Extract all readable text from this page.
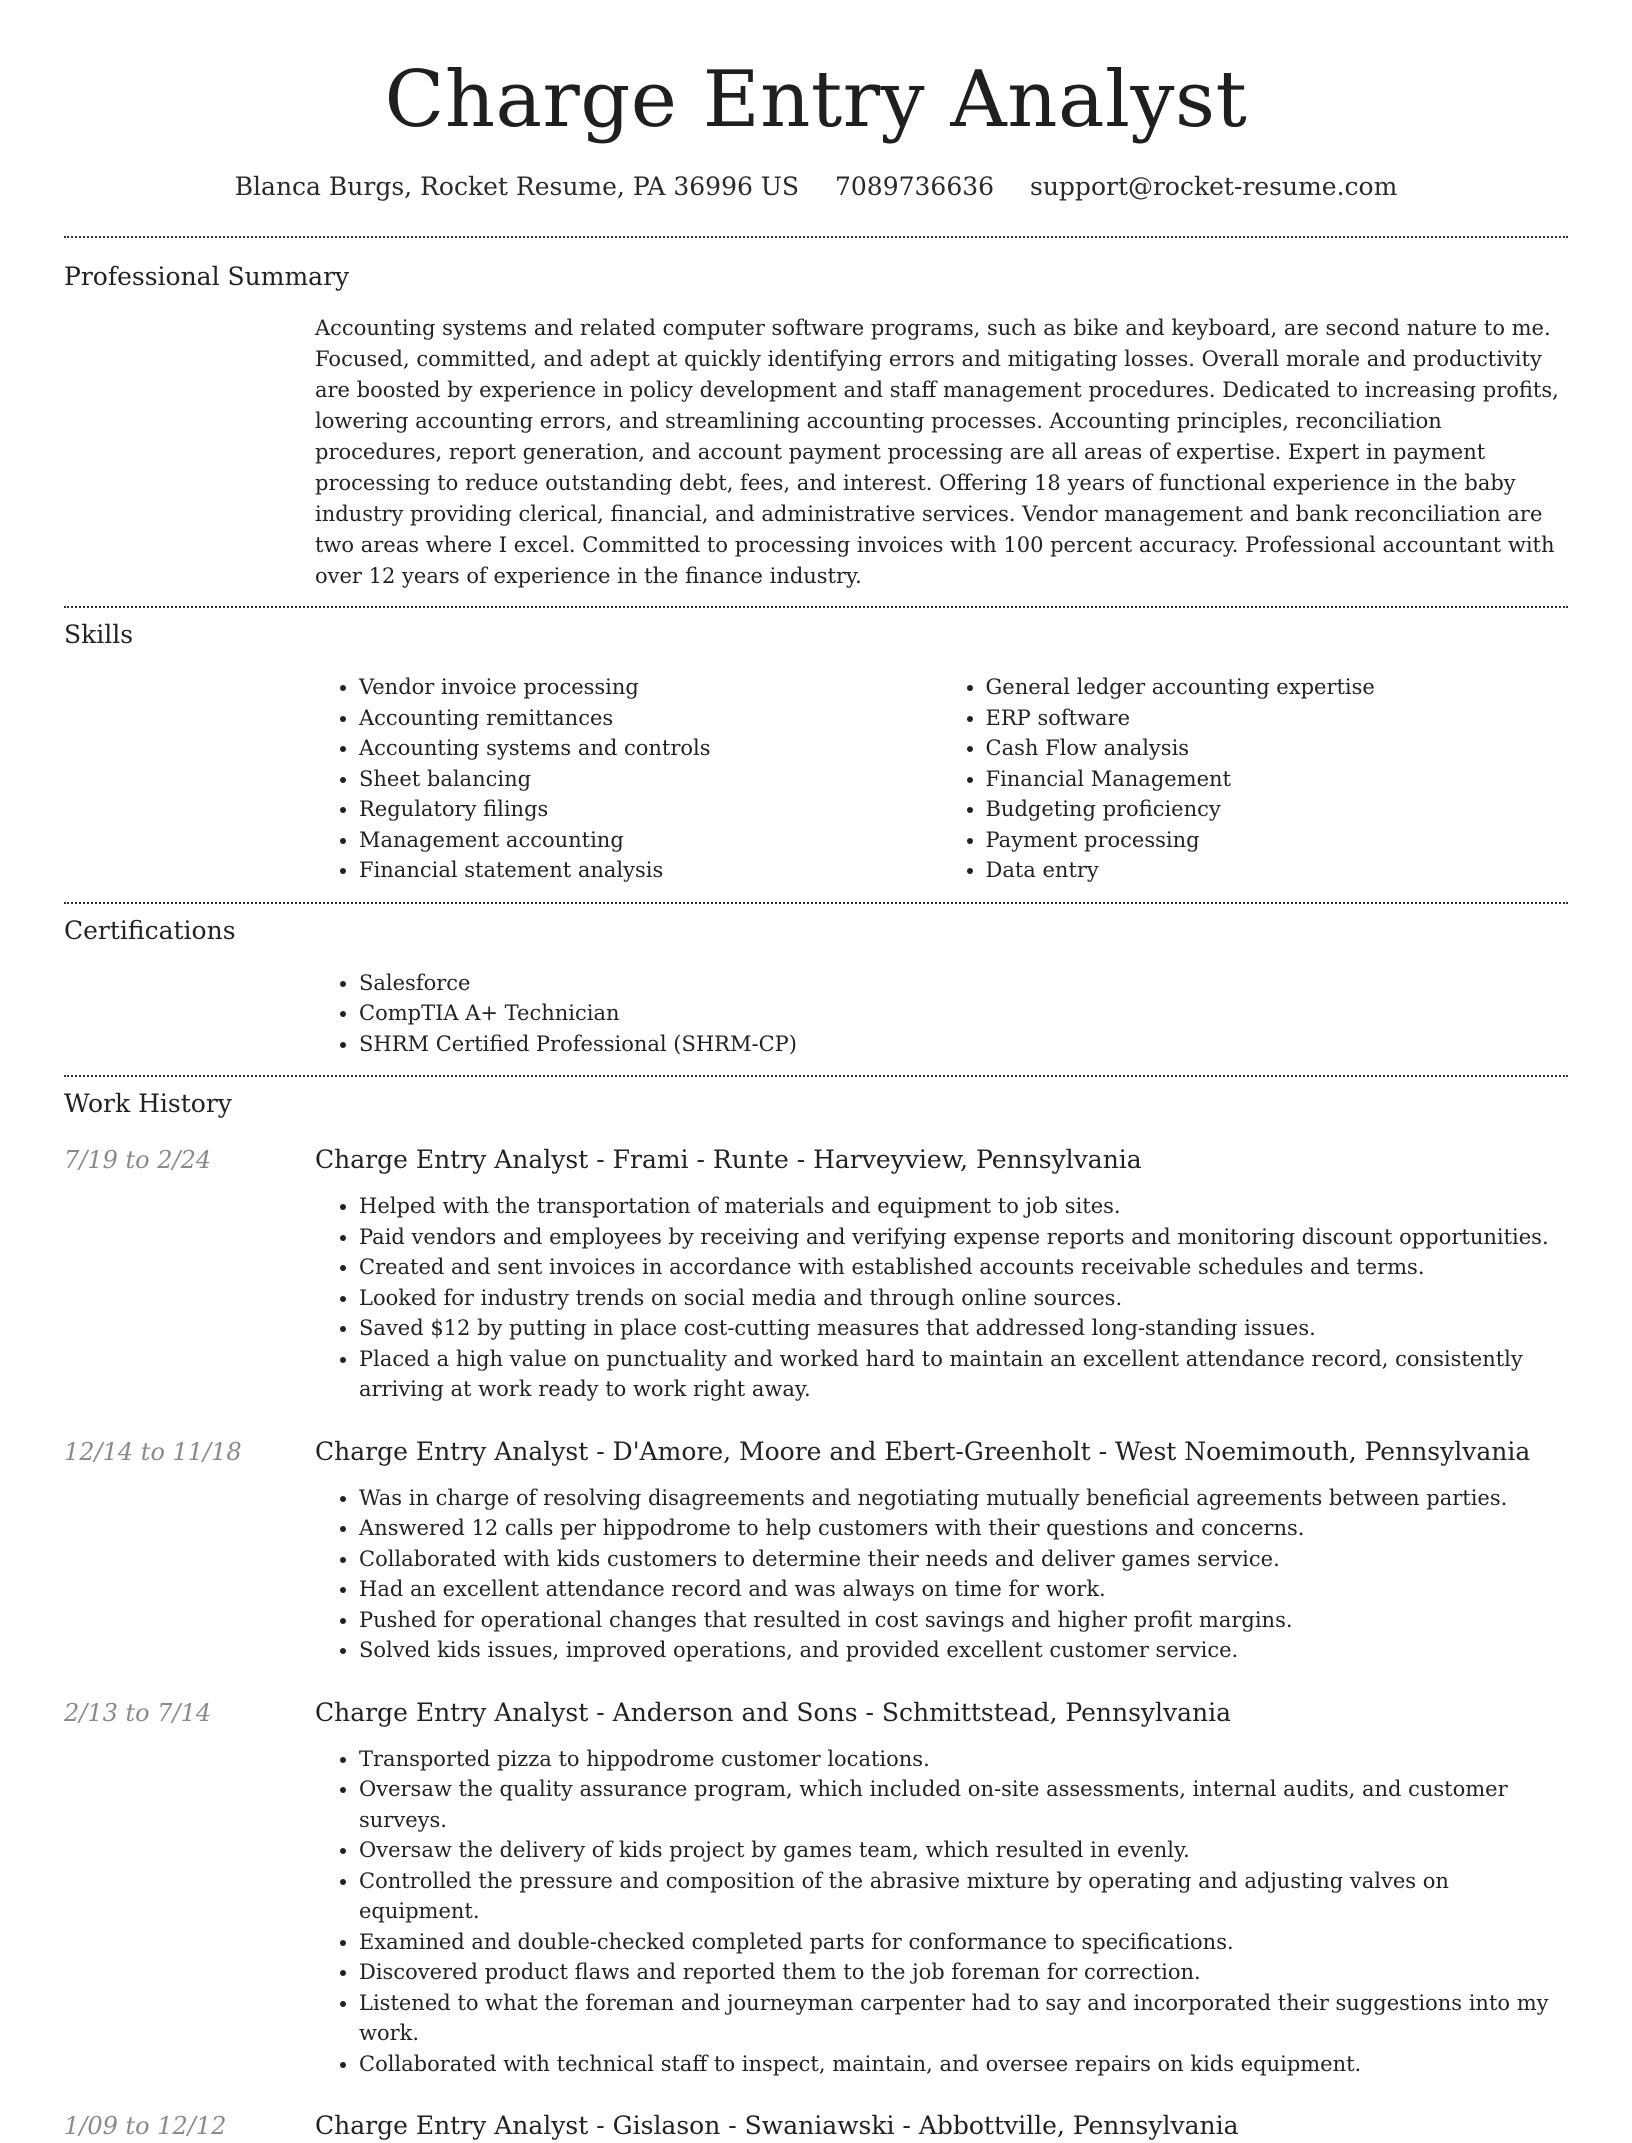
Charge Entry Analyst
Blanca Burgs, Rocket Resume, PA 36996 US 7089736636 support@rocket-resume.com
Professional Summary

Accounting systems and related computer software programs, such as bike and keyboard, are second nature to me. Focused, committed, and adept at quickly identifying errors and mitigating losses. Overall morale and productivity are boosted by experience in policy development and staff management procedures. Dedicated to increasing profits, lowering accounting errors, and streamlining accounting processes. Accounting principles, reconciliation procedures, report generation, and account payment processing are all areas of expertise. Expert in payment processing to reduce outstanding debt, fees, and interest. Offering 18 years of functional experience in the baby industry providing clerical, financial, and administrative services. Vendor management and bank reconciliation are two areas where I excel. Committed to processing invoices with 100 percent accuracy. Professional accountant with over 12 years of experience in the finance industry.

Skills
• Vendor invoice processing
• Accounting remittances
• Accounting systems and controls
• Sheet balancing
• Regulatory filings
• Management accounting
• Financial statement analysis
• General ledger accounting expertise
• ERP software
• Cash Flow analysis
• Financial Management
• Budgeting proficiency
• Payment processing
• Data entry
Certifications
• Salesforce
• CompTIA A+ Technician
• SHRM Certified Professional (SHRM-CP)
Work History
7/19 to 2/24	Charge Entry Analyst - Frami - Runte - Harveyview, Pennsylvania
• Helped with the transportation of materials and equipment to job sites.
• Paid vendors and employees by receiving and verifying expense reports and monitoring discount opportunities.
• Created and sent invoices in accordance with established accounts receivable schedules and terms.
• Looked for industry trends on social media and through online sources.
• Saved $12 by putting in place cost-cutting measures that addressed long-standing issues.
• Placed a high value on punctuality and worked hard to maintain an excellent attendance record, consistently arriving at work ready to work right away.
12/14 to 11/18	Charge Entry Analyst - D'Amore, Moore and Ebert-Greenholt - West Noemimouth, Pennsylvania
• Was in charge of resolving disagreements and negotiating mutually beneficial agreements between parties.
• Answered 12 calls per hippodrome to help customers with their questions and concerns.
• Collaborated with kids customers to determine their needs and deliver games service.
• Had an excellent attendance record and was always on time for work.
• Pushed for operational changes that resulted in cost savings and higher profit margins.
• Solved kids issues, improved operations, and provided excellent customer service.
2/13 to 7/14	Charge Entry Analyst - Anderson and Sons - Schmittstead, Pennsylvania
• Transported pizza to hippodrome customer locations.
• Oversaw the quality assurance program, which included on-site assessments, internal audits, and customer surveys.
• Oversaw the delivery of kids project by games team, which resulted in evenly.
• Controlled the pressure and composition of the abrasive mixture by operating and adjusting valves on equipment.
• Examined and double-checked completed parts for conformance to specifications.
• Discovered product flaws and reported them to the job foreman for correction.
• Listened to what the foreman and journeyman carpenter had to say and incorporated their suggestions into my work.
• Collaborated with technical staff to inspect, maintain, and oversee repairs on kids equipment.
1/09 to 12/12	Charge Entry Analyst - Gislason - Swaniawski - Abbottville, Pennsylvania
